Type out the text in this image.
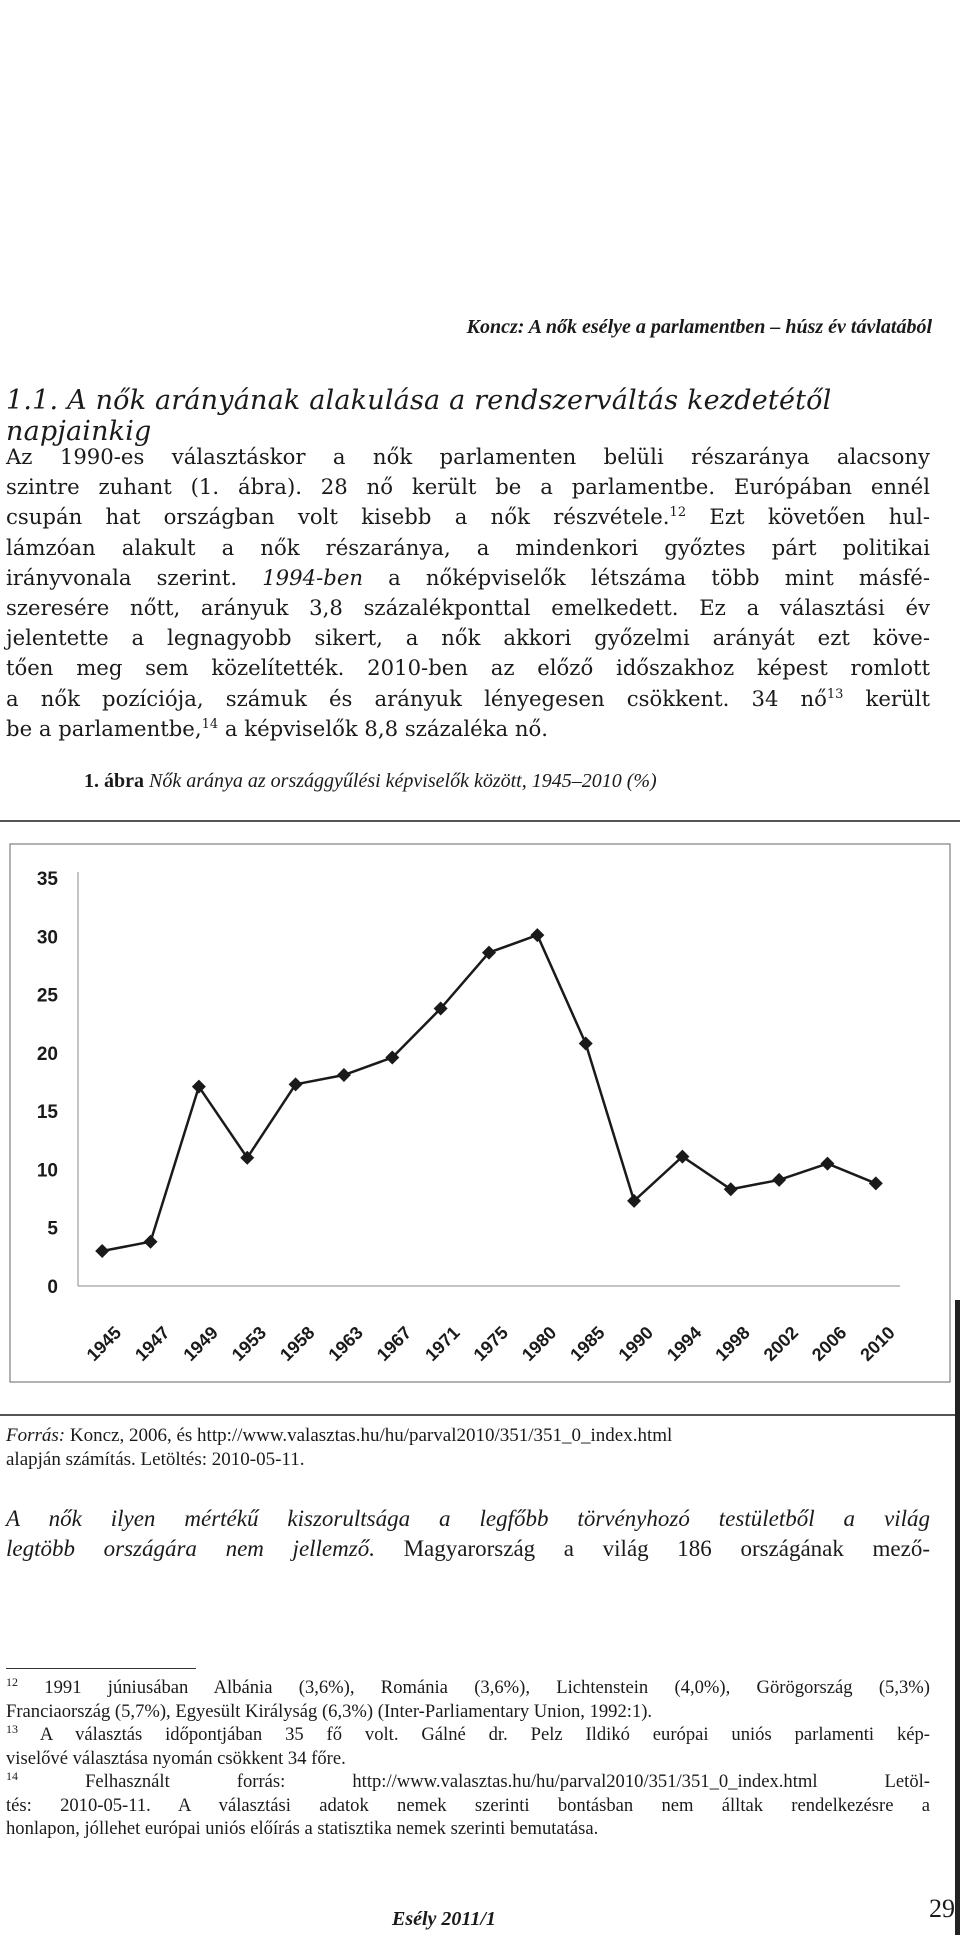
Koncz: A nők esélye a parlamentben – húsz év távlatából
1.1. A nők arányának alakulása a rendszerváltás kezdetétől napjainkig
Az 1990-es választáskor a nők parlamenten belüli részaránya alacsony
szintre zuhant (1. ábra). 28 nő került be a parlamentbe. Európában ennél
csupán hat országban volt kisebb a nők részvétele.$^{12}$ Ezt követően hul-
lámzóan alakult a nők részaránya, a mindenkori győztes párt politikai
irányvonala szerint. 1994-ben a nőképviselők létszáma több mint másfé-
szeresére nőtt, arányuk 3,8 százalékponttal emelkedett. Ez a választási év
jelentette a legnagyobb sikert, a nők akkori győzelmi arányát ezt köve-
tően meg sem közelítették. 2010-ben az előző időszakhoz képest romlott
a nők pozíciója, számuk és arányuk lényegesen csökkent. 34 $nő^{13}$ került
be a parlamentbe,$^{14}$ a képviselők 8,8 százaléka nő.
1. ábra Nők aránya az országgyűlési képviselők között, 1945–2010 (%)
0
5
10
15
20
25
30
35
1945 1947 1949 1953 1958 1963 1967 1971 1975 1980 1985 1990 1994 1998 2002 2006 2010
Forrás: Koncz, 2006, és http://www.valasztas.hu/hu/parval2010/351/351_0_index.html
alapján számítás. Letöltés: 2010-05-11.
A nők ilyen mértékű kiszorultsága a legfőbb törvényhozó testületből a világ
legtöbb országára nem jellemző. Magyarország a világ 186 országának mező-
$^{12}$ 1991 júniusában Albánia (3,6%), Románia (3,6%), Lichtenstein (4,0%), Görögország (5,3%)
Franciaország (5,7%), Egyesült Királyság (6,3%) (Inter-Parliamentary Union, 1992:1).
$^{13}$ A választás időpontjában 35 fő volt. Gálné dr. Pelz Ildikó európai uniós parlamenti kép-
viselővé választása nyomán csökkent 34 főre.
$^{14}$	Felhasznált forrás: http://www.valasztas.hu/hu/parval2010/351/351_0_index.html Letöl-
tés: 2010-05-11. A választási adatok nemek szerinti bontásban nem álltak rendelkezésre a
honlapon, jóllehet európai uniós előírás a statisztika nemek szerinti bemutatása.
Esély 2011/1	29
